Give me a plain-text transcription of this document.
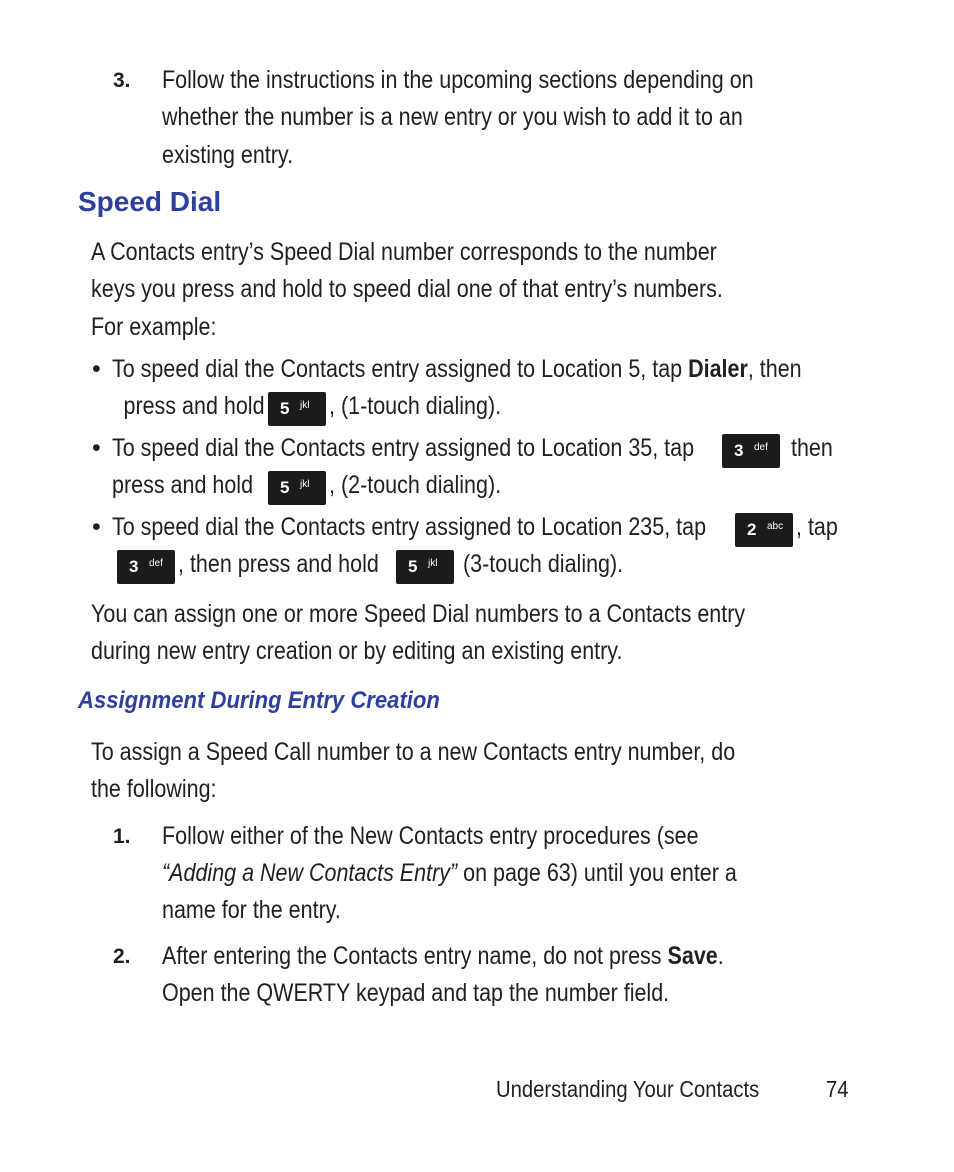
3. Follow the instructions in the upcoming sections depending on
whether the number is a new entry or you wish to add it to an
existing entry.
Speed Dial
A Contacts entry’s Speed Dial number corresponds to the number
keys you press and hold to speed dial one of that entry’s numbers.
For example:
• To speed dial the Contacts entry assigned to Location 5, tap Dialer, then
press and hold 5 jkl , (1-touch dialing).
• To speed dial the Contacts entry assigned to Location 35, tap 3 def then
press and hold 5 jkl , (2-touch dialing).
• To speed dial the Contacts entry assigned to Location 235, tap 2 abc , tap
3 def , then press and hold 5 jkl (3-touch dialing).
You can assign one or more Speed Dial numbers to a Contacts entry
during new entry creation or by editing an existing entry.
Assignment During Entry Creation
To assign a Speed Call number to a new Contacts entry number, do
the following:
1. Follow either of the New Contacts entry procedures (see
“Adding a New Contacts Entry” on page 63) until you enter a
name for the entry.
2. After entering the Contacts entry name, do not press Save.
Open the QWERTY keypad and tap the number field.
Understanding Your Contacts	74
